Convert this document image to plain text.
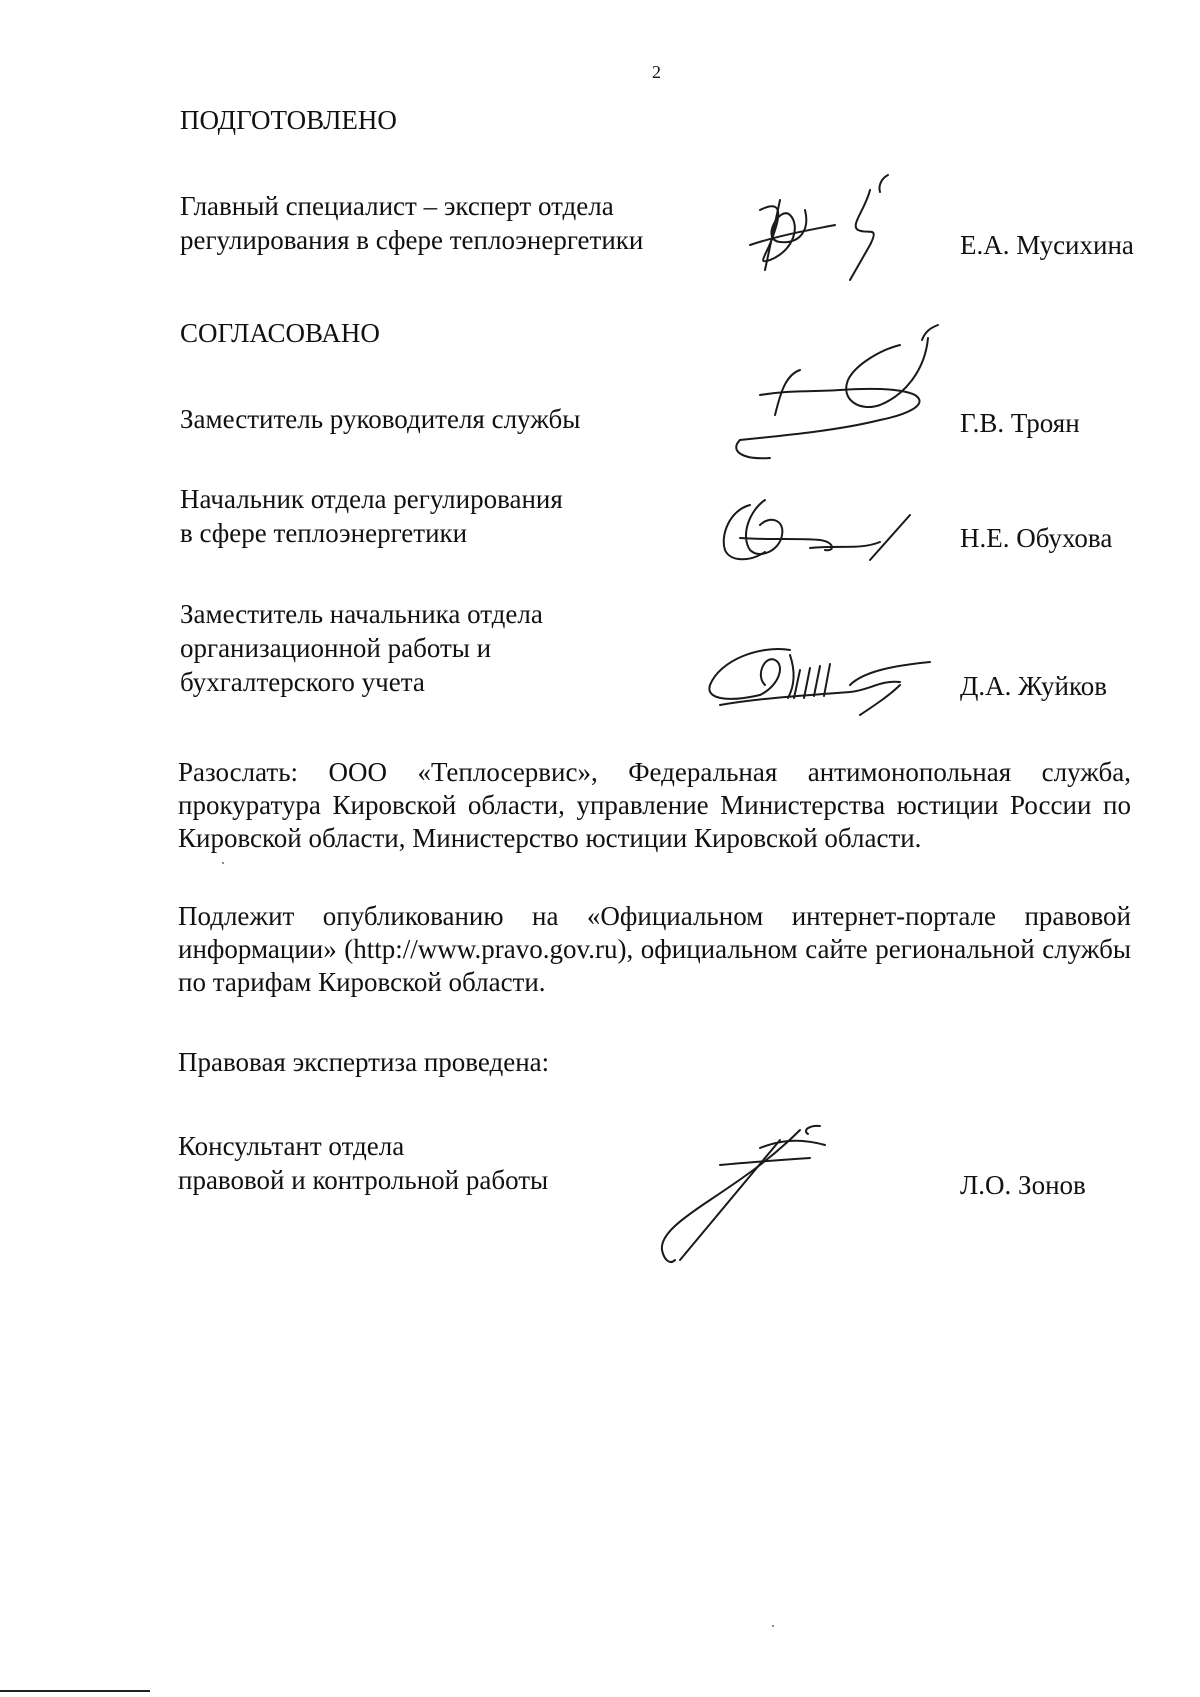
2
ПОДГОТОВЛЕНО
Главный специалист – эксперт отдела
регулирования в сфере теплоэнергетики	Е.А. Мусихина
СОГЛАСОВАНО
Заместитель руководителя службы	Г.В. Троян
Начальник отдела регулирования
в сфере теплоэнергетики	Н.Е. Обухова
Заместитель начальника отдела
организационной работы и
бухгалтерского учета	Д.А. Жуйков
Разослать: ООО «Теплосервис», Федеральная антимонопольная служба, прокуратура Кировской области, управление Министерства юстиции России по Кировской области, Министерство юстиции Кировской области.
Подлежит опубликованию на «Официальном интернет-портале правовой информации» (http://www.pravo.gov.ru), официальном сайте региональной службы по тарифам Кировской области.
Правовая экспертиза проведена:
Консультант отдела
правовой и контрольной работы	Л.О. Зонов
